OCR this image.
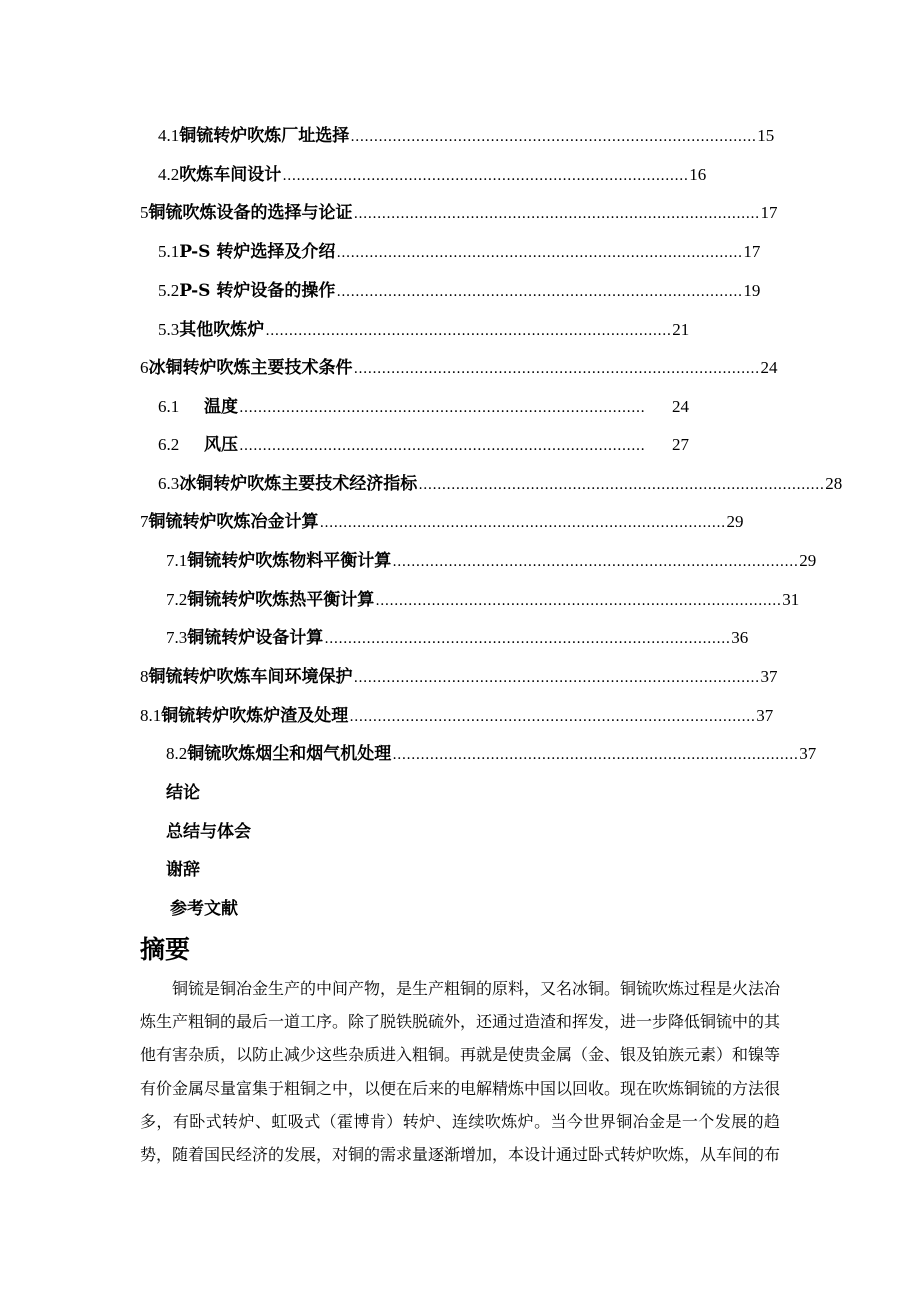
4.1 铜锍转炉吹炼厂址选择 …………………………………………………………………………… 15
4.2 吹炼车间设计 …………………………………………………………………………… 16
5 铜锍吹炼设备的选择与论证 …………………………………………………………………………… 17
5.1 P-S 转炉选择及介绍 …………………………………………………………………………… 17
5.2 P-S 转炉设备的操作 …………………………………………………………………………… 19
5.3 其他吹炼炉 …………………………………………………………………………… 21
6 冰铜转炉吹炼主要技术条件 …………………………………………………………………………… 24
6.1	温度 ……………………………………………………………………………	24
6.2	风压 ……………………………………………………………………………	27
6.3 冰铜转炉吹炼主要技术经济指标 …………………………………………………………………………… 28
7 铜锍转炉吹炼冶金计算 …………………………………………………………………………… 29
7.1 铜锍转炉吹炼物料平衡计算 …………………………………………………………………………… 29
7.2 铜锍转炉吹炼热平衡计算 …………………………………………………………………………… 31
7.3 铜锍转炉设备计算 …………………………………………………………………………… 36
8 铜锍转炉吹炼车间环境保护 …………………………………………………………………………… 37
8.1 铜锍转炉吹炼炉渣及处理 …………………………………………………………………………… 37
8.2 铜锍吹炼烟尘和烟气机处理 …………………………………………………………………………… 37
结论
总结与体会
谢辞
参考文献
摘要

铜锍是铜冶金生产的中间产物，是生产粗铜的原料，又名冰铜。铜锍吹炼过程是火法冶炼生产粗铜的最后一道工序。除了脱铁脱硫外，还通过造渣和挥发，进一步降低铜锍中的其他有害杂质，以防止减少这些杂质进入粗铜。再就是使贵金属（金、银及铂族元素）和镍等有价金属尽量富集于粗铜之中，以便在后来的电解精炼中国以回收。现在吹炼铜锍的方法很多，有卧式转炉、虹吸式（霍博肯）转炉、连续吹炼炉。当今世界铜冶金是一个发展的趋势，随着国民经济的发展，对铜的需求量逐渐增加，本设计通过卧式转炉吹炼，从车间的布
